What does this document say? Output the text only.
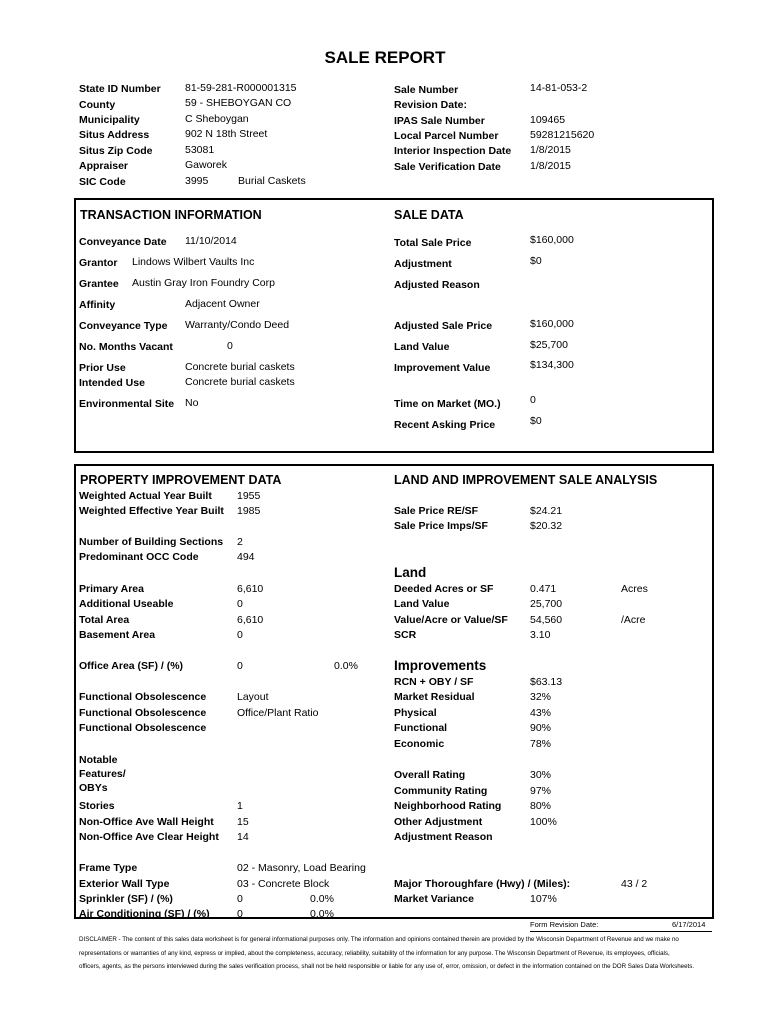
SALE REPORT
State ID Number 81-59-281-R000001315
County	59 - SHEBOYGAN CO
Municipality	C Sheboygan
Situs Address	902 N 18th Street
Situs Zip Code	53081
Appraiser	Gaworek
SIC Code	3995	Burial Caskets
Sale Number	14-81-053-2
Revision Date:
IPAS Sale Number	109465
Local Parcel Number	59281215620
Interior Inspection Date 1/8/2015
Sale Verification Date	1/8/2015
TRANSACTION INFORMATION	SALE DATA
Conveyance Date 11/10/2014
Grantor Lindows Wilbert Vaults Inc
Grantee Austin Gray Iron Foundry Corp
Affinity	Adjacent Owner
Conveyance Type Warranty/Condo Deed
No. Months Vacant	0
Prior Use	Concrete burial caskets
Intended Use	Concrete burial caskets
Environmental Site No
Total Sale Price	$160,000
Adjustment	$0
Adjusted Reason
Adjusted Sale Price	$160,000
Land Value	$25,700
Improvement Value	$134,300
Time on Market (MO.)	0
Recent Asking Price	$0
PROPERTY IMPROVEMENT DATA	LAND AND IMPROVEMENT SALE ANALYSIS
Weighted Actual Year Built 1955
Weighted Effective Year Built 1985
Number of Building Sections 2
Predominant OCC Code	494
Primary Area	6,610
Additional Useable	0
Total Area	6,610
Basement Area	0
Office Area (SF) / (%)	0	0.0%
Functional Obsolescence	Layout
Functional Obsolescence	Office/Plant Ratio
Functional Obsolescence
Notable
Features/
OBYs
Stories	1
Non-Office Ave Wall Height 15
Non-Office Ave Clear Height 14
Frame Type	02 - Masonry, Load Bearing
Exterior Wall Type	03 - Concrete Block
Sprinkler (SF) / (%)	0	0.0%
Air Conditioning (SF) / (%)	0	0.0%
Sale Price RE/SF	$24.21
Sale Price Imps/SF	$20.32
Land
Deeded Acres or SF	0.471	Acres
Land Value	25,700
Value/Acre or Value/SF 54,560	/Acre
SCR	3.10
Improvements
RCN + OBY / SF	$63.13
Market Residual	32%
Physical	43%
Functional	90%
Economic	78%
Overall Rating	30%
Community Rating	97%
Neighborhood Rating	80%
Other Adjustment	100%
Adjustment Reason
Major Thoroughfare (Hwy) / (Miles):	43 / 2
Market Variance	107%
Form Revision Date:	6/17/2014
DISCLAIMER - The content of this sales data worksheet is for general informational purposes only. The information and opinions contained therein are provided by the Wisconsin Department of Revenue and we make no
representations or warranties of any kind, express or implied, about the completeness, accuracy, reliability, suitability of the information for any purpose. The Wisconsin Department of Revenue, its employees, officials,
officers, agents, as the persons interviewed during the sales verification process, shall not be held responsible or liable for any use of, error, omission, or defect in the information contained on the DOR Sales Data Worksheets.
